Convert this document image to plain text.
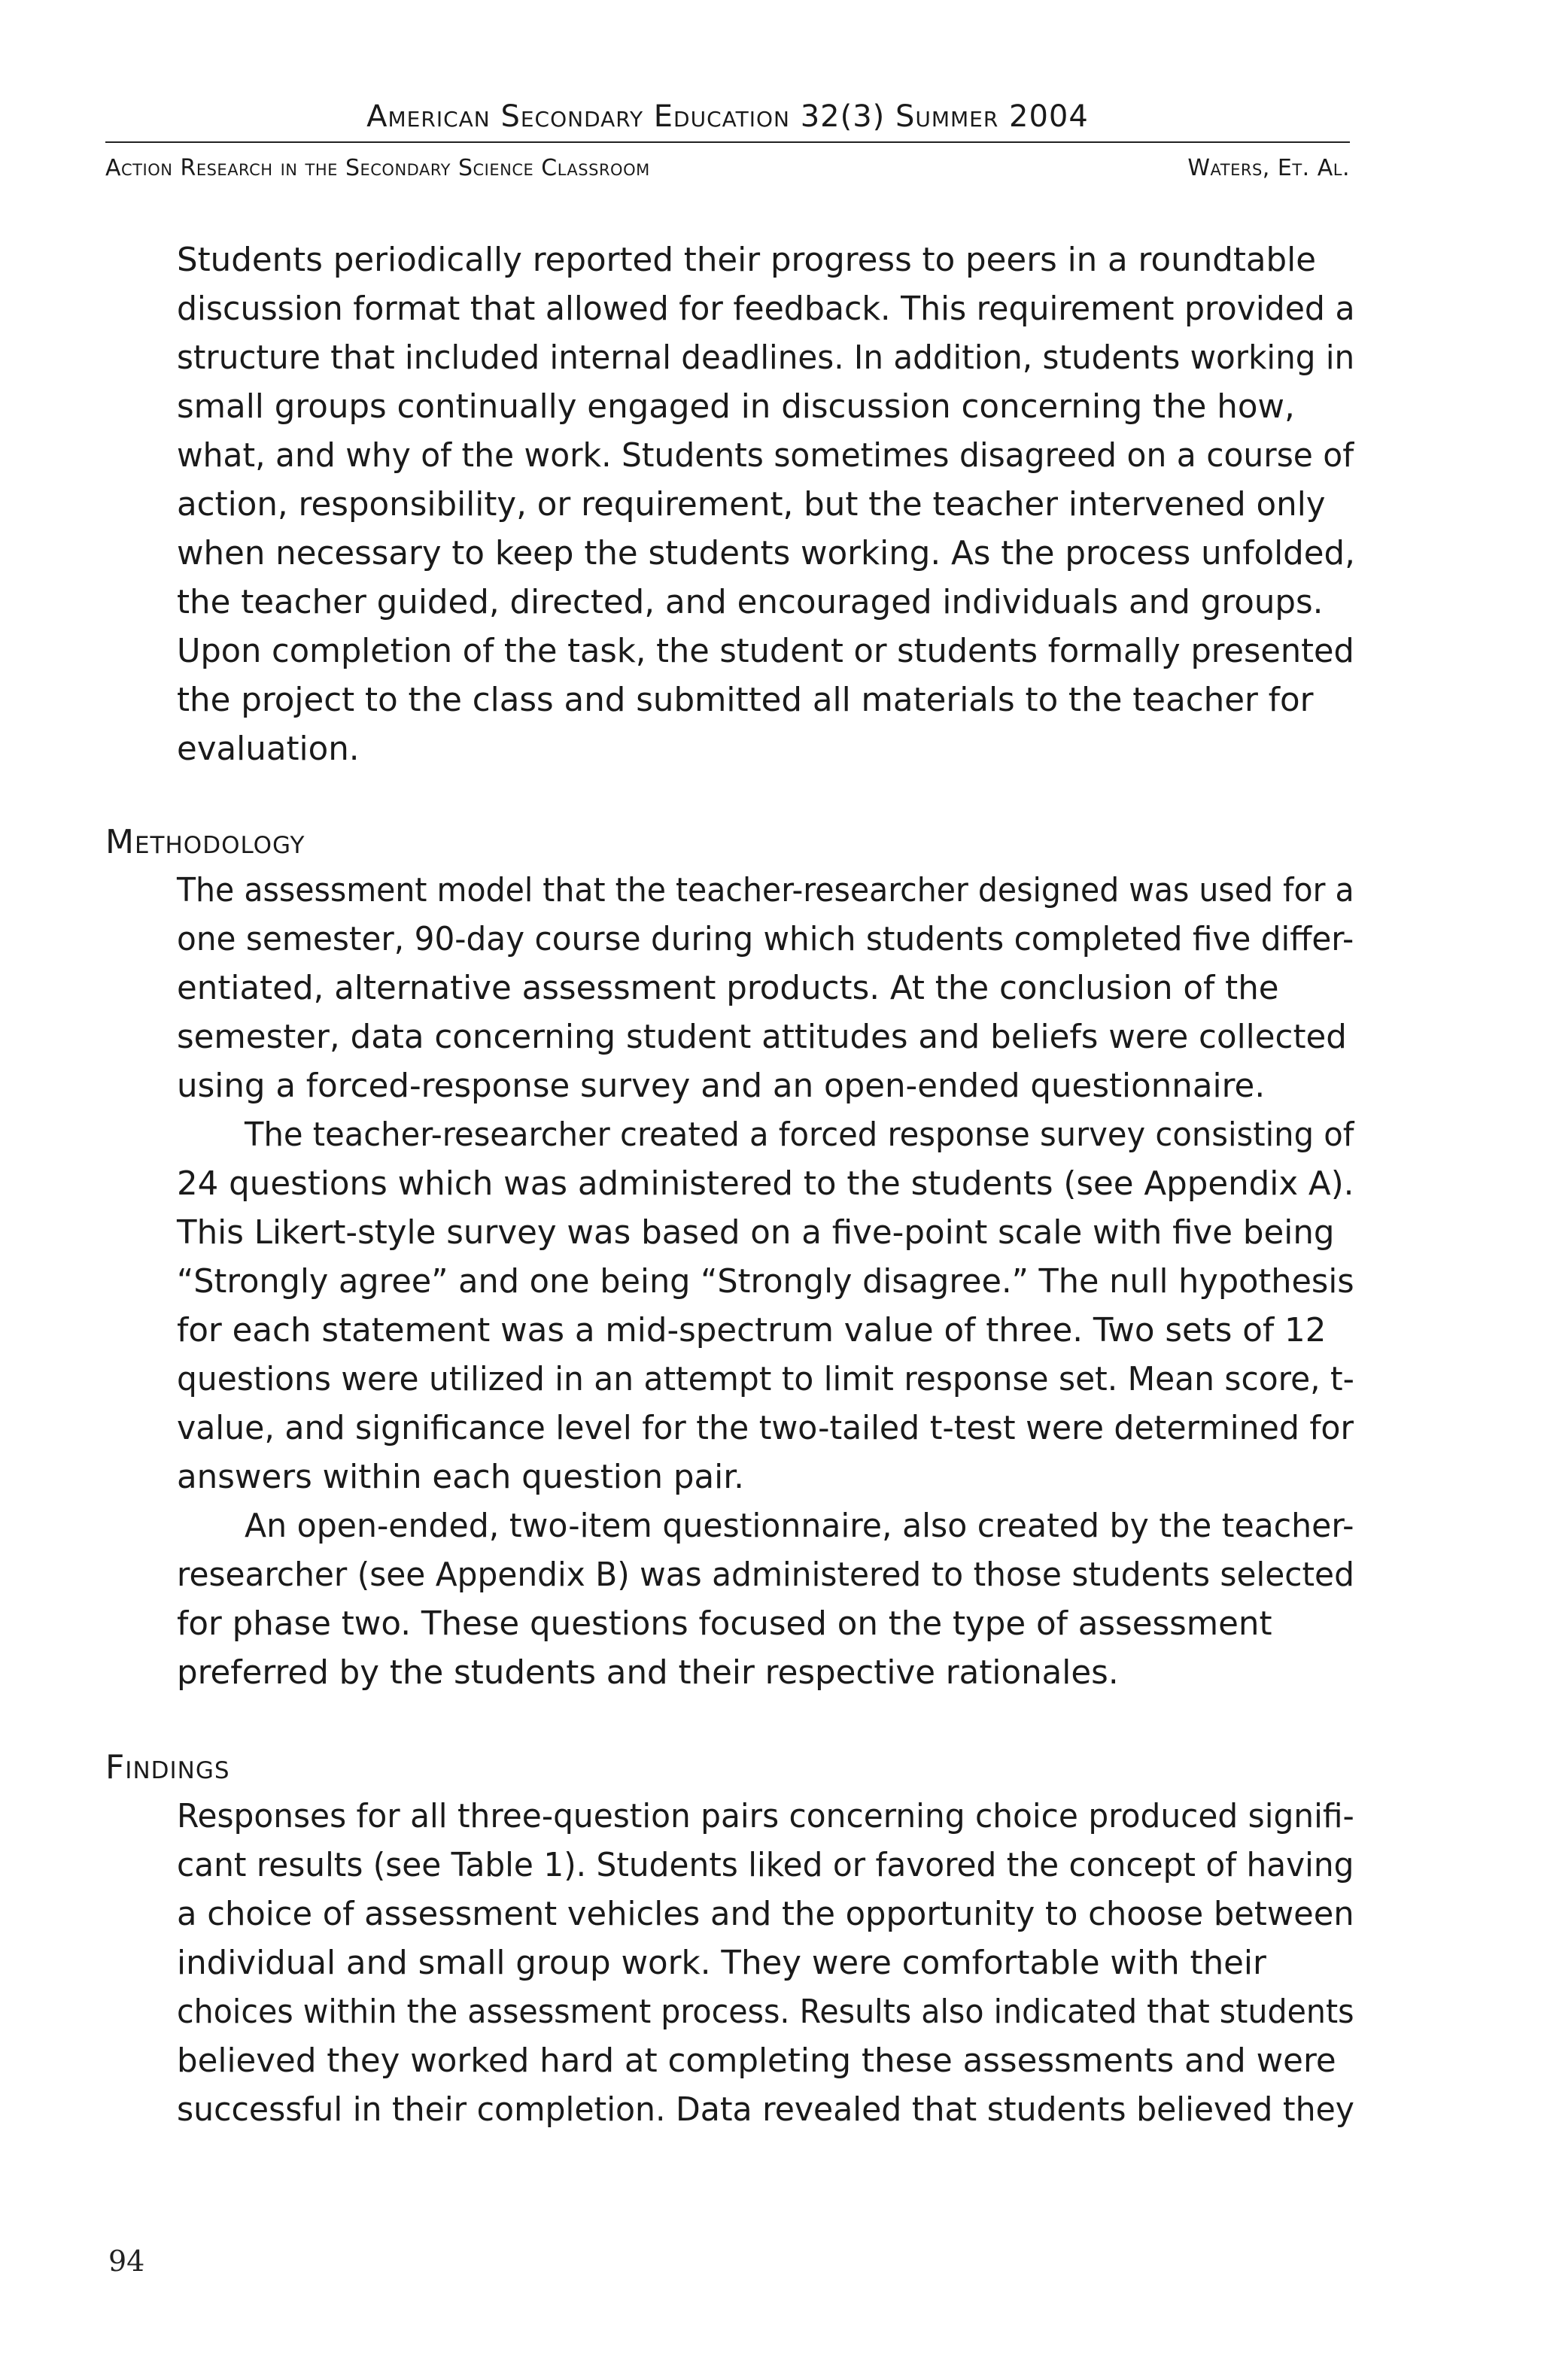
American Secondary Education 32(3) Summer 2004
Action Research in the Secondary Science Classroom	Waters, Et. Al.
Students periodically reported their progress to peers in a roundtable
discussion format that allowed for feedback. This requirement provided a
structure that included internal deadlines. In addition, students working in
small groups continually engaged in discussion concerning the how,
what, and why of the work. Students sometimes disagreed on a course of
action, responsibility, or requirement, but the teacher intervened only
when necessary to keep the students working. As the process unfolded,
the teacher guided, directed, and encouraged individuals and groups.
Upon completion of the task, the student or students formally presented
the project to the class and submitted all materials to the teacher for
evaluation.
Methodology
The assessment model that the teacher-researcher designed was used for a
one semester, 90-day course during which students completed five differ-
entiated, alternative assessment products. At the conclusion of the
semester, data concerning student attitudes and beliefs were collected
using a forced-response survey and an open-ended questionnaire.
The teacher-researcher created a forced response survey consisting of
24 questions which was administered to the students (see Appendix A).
This Likert-style survey was based on a five-point scale with five being
“Strongly agree” and one being “Strongly disagree.” The null hypothesis
for each statement was a mid-spectrum value of three. Two sets of 12
questions were utilized in an attempt to limit response set. Mean score, t-
value, and significance level for the two-tailed t-test were determined for
answers within each question pair.
An open-ended, two-item questionnaire, also created by the teacher-
researcher (see Appendix B) was administered to those students selected
for phase two. These questions focused on the type of assessment
preferred by the students and their respective rationales.
Findings
Responses for all three-question pairs concerning choice produced signifi-
cant results (see Table 1). Students liked or favored the concept of having
a choice of assessment vehicles and the opportunity to choose between
individual and small group work. They were comfortable with their
choices within the assessment process. Results also indicated that students
believed they worked hard at completing these assessments and were
successful in their completion. Data revealed that students believed they
94
